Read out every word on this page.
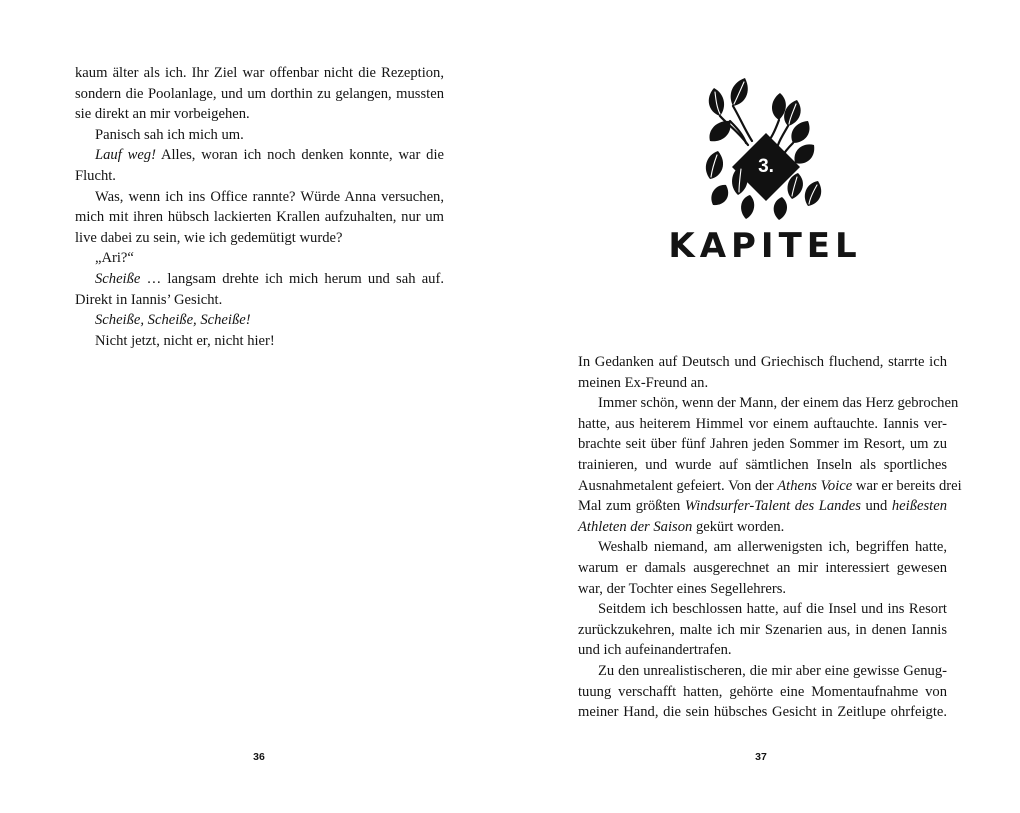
kaum älter als ich. Ihr Ziel war offenbar nicht die Rezeption,
sondern die Poolanlage, und um dorthin zu gelangen, mussten
sie direkt an mir vorbeigehen.
Panisch sah ich mich um.
Lauf weg! Alles, woran ich noch denken konnte, war die
Flucht.
Was, wenn ich ins Office rannte? Würde Anna versuchen,
mich mit ihren hübsch lackierten Krallen aufzuhalten, nur um
live dabei zu sein, wie ich gedemütigt wurde?
„Ari?“
Scheiße … langsam drehte ich mich herum und sah auf.
Direkt in Iannis’ Gesicht.
Scheiße, Scheiße, Scheiße!
Nicht jetzt, nicht er, nicht hier!
36
3.
KAPITEL
In Gedanken auf Deutsch und Griechisch fluchend, starrte ich
meinen Ex-Freund an.
Immer schön, wenn der Mann, der einem das Herz gebrochen
hatte, aus heiterem Himmel vor einem auftauchte. Iannis ver-
brachte seit über fünf Jahren jeden Sommer im Resort, um zu
trainieren, und wurde auf sämtlichen Inseln als sportliches
Ausnahmetalent gefeiert. Von der Athens Voice war er bereits drei
Mal zum größten Windsurfer-Talent des Landes und heißesten
Athleten der Saison gekürt worden.
Weshalb niemand, am allerwenigsten ich, begriffen hatte,
warum er damals ausgerechnet an mir interessiert gewesen
war, der Tochter eines Segellehrers.
Seitdem ich beschlossen hatte, auf die Insel und ins Resort
zurückzukehren, malte ich mir Szenarien aus, in denen Iannis
und ich aufeinandertrafen.
Zu den unrealistischeren, die mir aber eine gewisse Genug-
tuung verschafft hatten, gehörte eine Momentaufnahme von
meiner Hand, die sein hübsches Gesicht in Zeitlupe ohrfeigte.
37
